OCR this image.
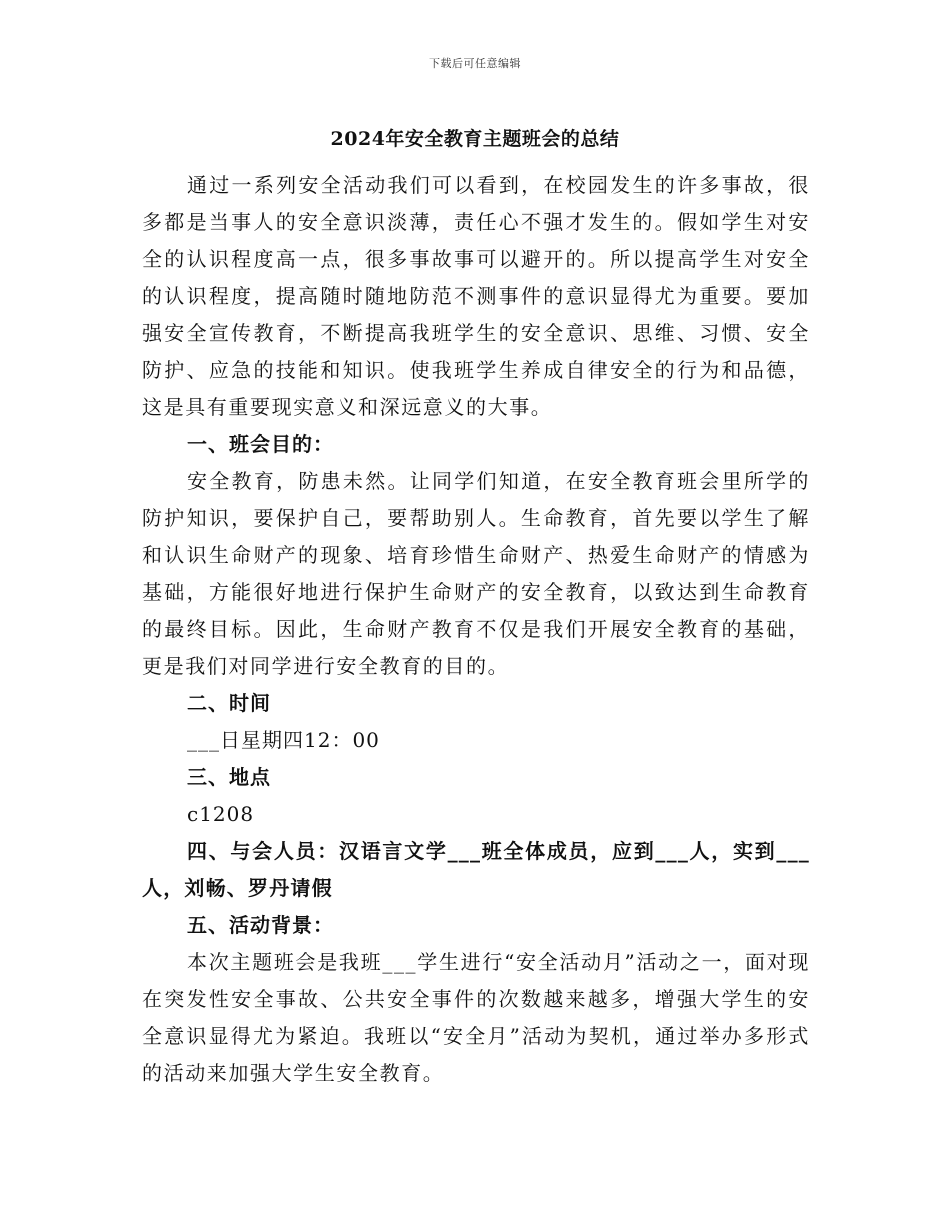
下载后可任意编辑
2024年安全教育主题班会的总结

通过一系列安全活动我们可以看到，在校园发生的许多事故，很多都是当事人的安全意识淡薄，责任心不强才发生的。假如学生对安全的认识程度高一点，很多事故事可以避开的。所以提高学生对安全的认识程度，提高随时随地防范不测事件的意识显得尤为重要。要加强安全宣传教育，不断提高我班学生的安全意识、思维、习惯、安全防护、应急的技能和知识。使我班学生养成自律安全的行为和品德，这是具有重要现实意义和深远意义的大事。

一、班会目的：

安全教育，防患未然。让同学们知道，在安全教育班会里所学的防护知识，要保护自己，要帮助别人。生命教育，首先要以学生了解和认识生命财产的现象、培育珍惜生命财产、热爱生命财产的情感为基础，方能很好地进行保护生命财产的安全教育，以致达到生命教育的最终目标。因此，生命财产教育不仅是我们开展安全教育的基础，更是我们对同学进行安全教育的目的。

二、时间

___日星期四12：00

三、地点

c1208

四、与会人员：汉语言文学___班全体成员，应到___人，实到___人，刘畅、罗丹请假

五、活动背景：

本次主题班会是我班___学生进行“安全活动月”活动之一，面对现在突发性安全事故、公共安全事件的次数越来越多，增强大学生的安全意识显得尤为紧迫。我班以“安全月”活动为契机，通过举办多形式的活动来加强大学生安全教育。
